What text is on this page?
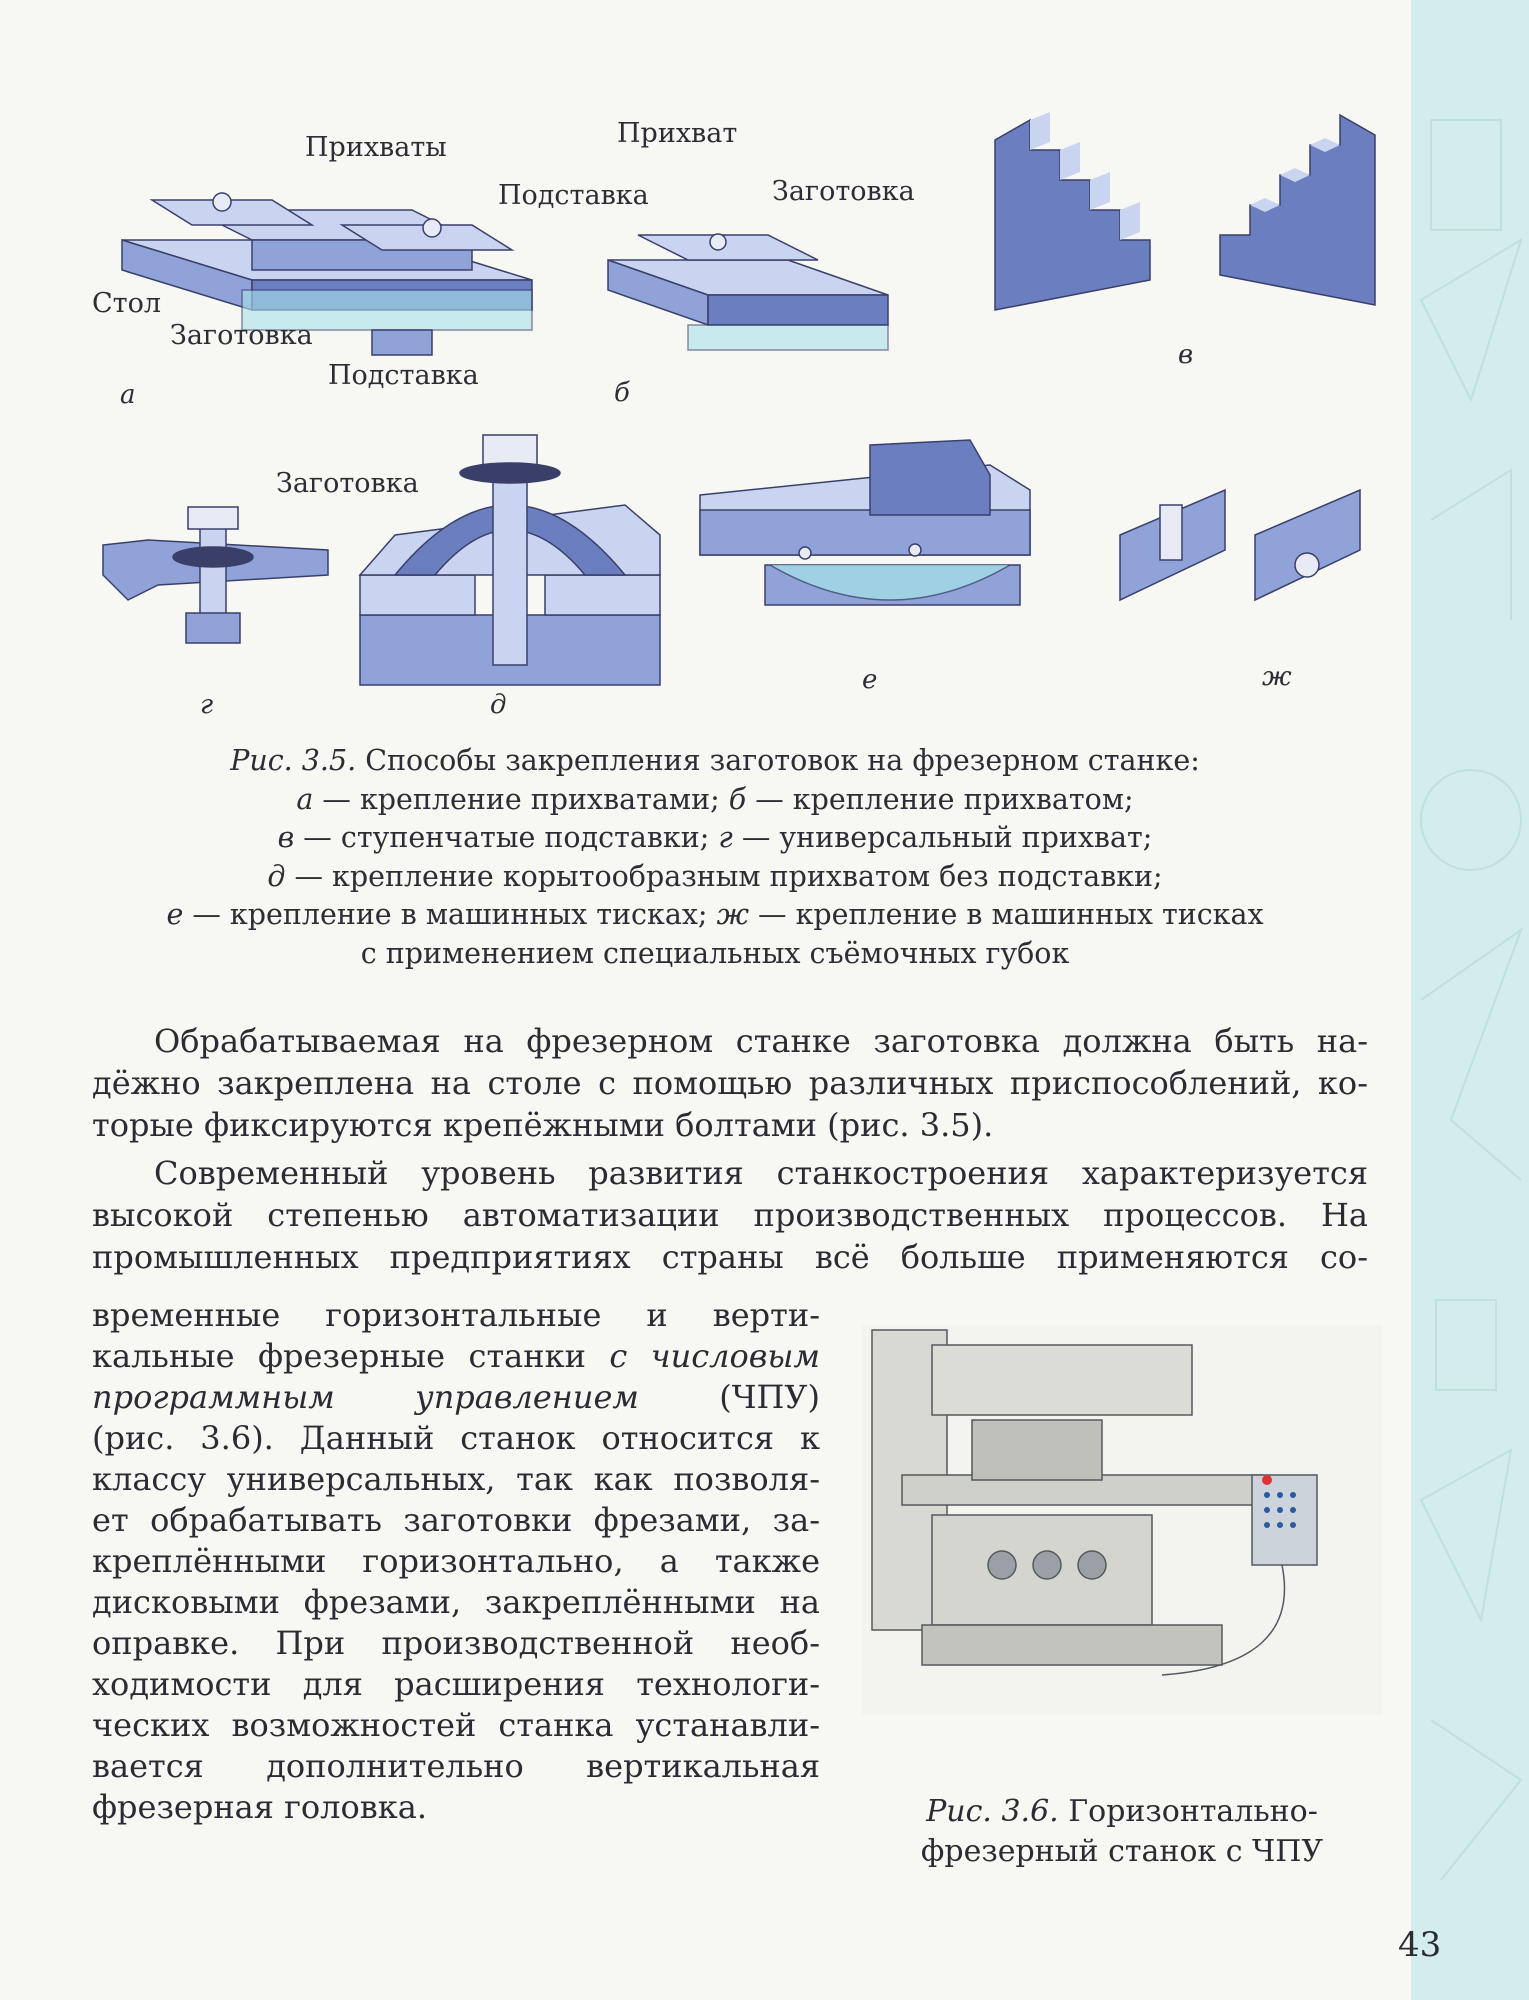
Прихваты
Стол
Заготовка
Подставка
а
Прихват
Подставка	Заготовка
б
в
г
Заготовка
д
е	ж
Рис. 3.5. Способы закрепления заготовок на фрезерном станке:
а — крепление прихватами; б — крепление прихватом;
в — ступенчатые подставки; г — универсальный прихват;
д — крепление корытообразным прихватом без подставки;
е — крепление в машинных тисках; ж — крепление в машинных тисках
с применением специальных съёмочных губок
Обрабатываемая на фрезерном станке заготовка должна быть на-
дёжно закреплена на столе с помощью различных приспособлений, ко-
торые фиксируются крепёжными болтами (рис. 3.5).
Современный уровень развития станкостроения характеризуется
высокой степенью автоматизации производственных процессов. На
промышленных предприятиях страны всё больше применяются со-
временные горизонтальные и верти-
кальные фрезерные станки с числовым
программным управлением (ЧПУ)
(рис. 3.6). Данный станок относится к
классу универсальных, так как позволя-
ет обрабатывать заготовки фрезами, за-
креплёнными горизонтально, а также
дисковыми фрезами, закреплёнными на
оправке. При производственной необ-
ходимости для расширения технологи-
ческих возможностей станка устанавли-
вается дополнительно вертикальная
фрезерная головка.	Рис. 3.6. Горизонтально-
фрезерный станок с ЧПУ
43
